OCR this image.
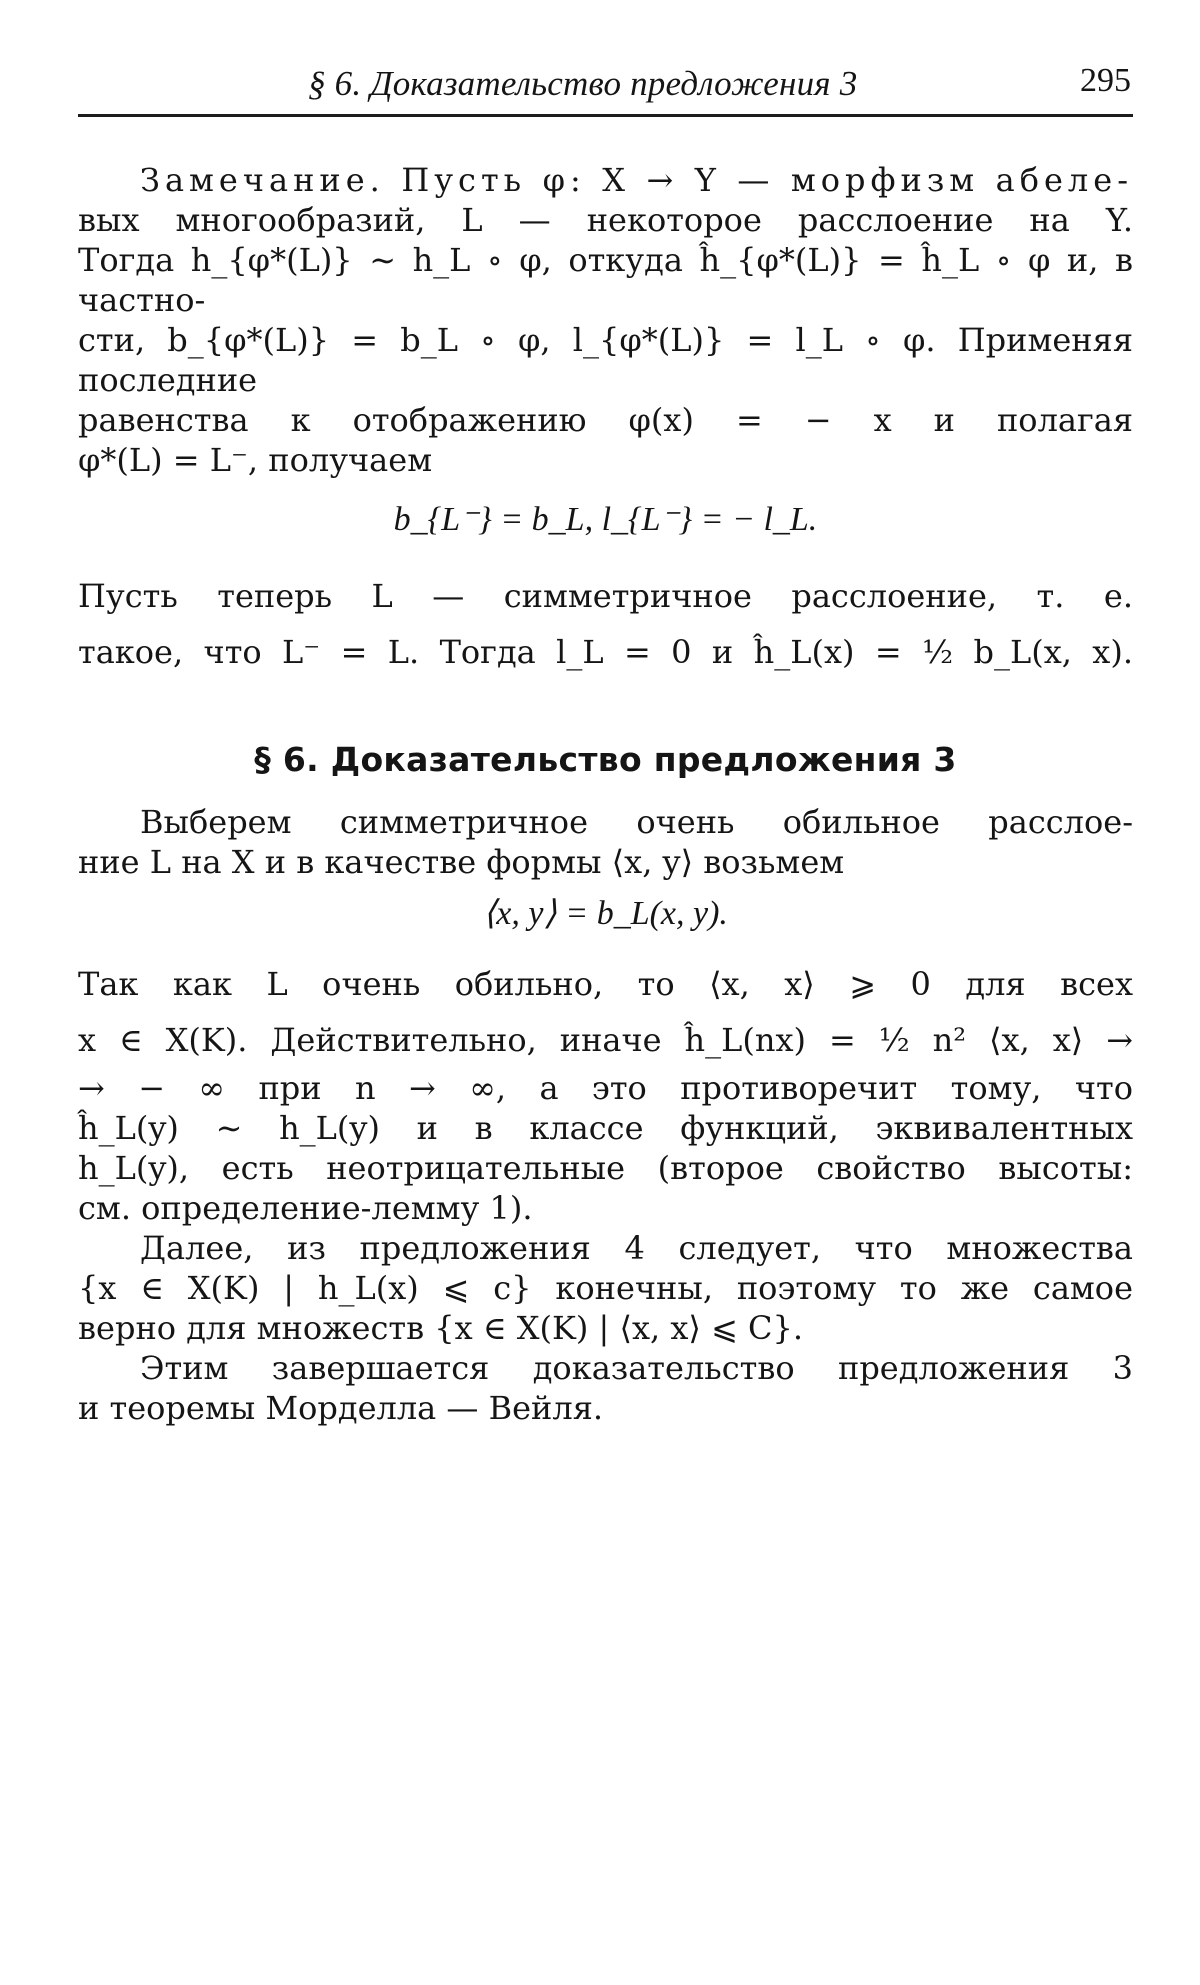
§ 6. Доказательство предложения 3	295
Замечание. Пусть φ: X → Y — морфизм абеле-
вых многообразий, L — некоторое расслоение на Y.
Тогда h_{φ*(L)} ∼ h_L ∘ φ, откуда ĥ_{φ*(L)} = ĥ_L ∘ φ и, в частно-
сти, b_{φ*(L)} = b_L ∘ φ, l_{φ*(L)} = l_L ∘ φ. Применяя последние
равенства к отображению φ(x) = − x и полагая
φ*(L) = L⁻, получаем
b_{L⁻} = b_L, l_{L⁻} = − l_L.
Пусть теперь L — симметричное расслоение, т. е.
такое, что L⁻ = L. Тогда l_L = 0 и ĥ_L(x) = ½ b_L(x, x).
§ 6. Доказательство предложения 3
Выберем симметричное очень обильное расслое-
ние L на X и в качестве формы ⟨x, y⟩ возьмем
⟨x, y⟩ = b_L(x, y).
Так как L очень обильно, то ⟨x, x⟩ ⩾ 0 для всех
x ∈ X(K). Действительно, иначе ĥ_L(nx) = ½ n² ⟨x, x⟩ →
→ − ∞ при n → ∞, а это противоречит тому, что
ĥ_L(y) ∼ h_L(y) и в классе функций, эквивалентных
h_L(y), есть неотрицательные (второе свойство высоты:
см. определение-лемму 1).
Далее, из предложения 4 следует, что множества
{x ∈ X(K) | h_L(x) ⩽ c} конечны, поэтому то же самое
верно для множеств {x ∈ X(K) | ⟨x, x⟩ ⩽ C}.
Этим завершается доказательство предложения 3
и теоремы Морделла — Вейля.
